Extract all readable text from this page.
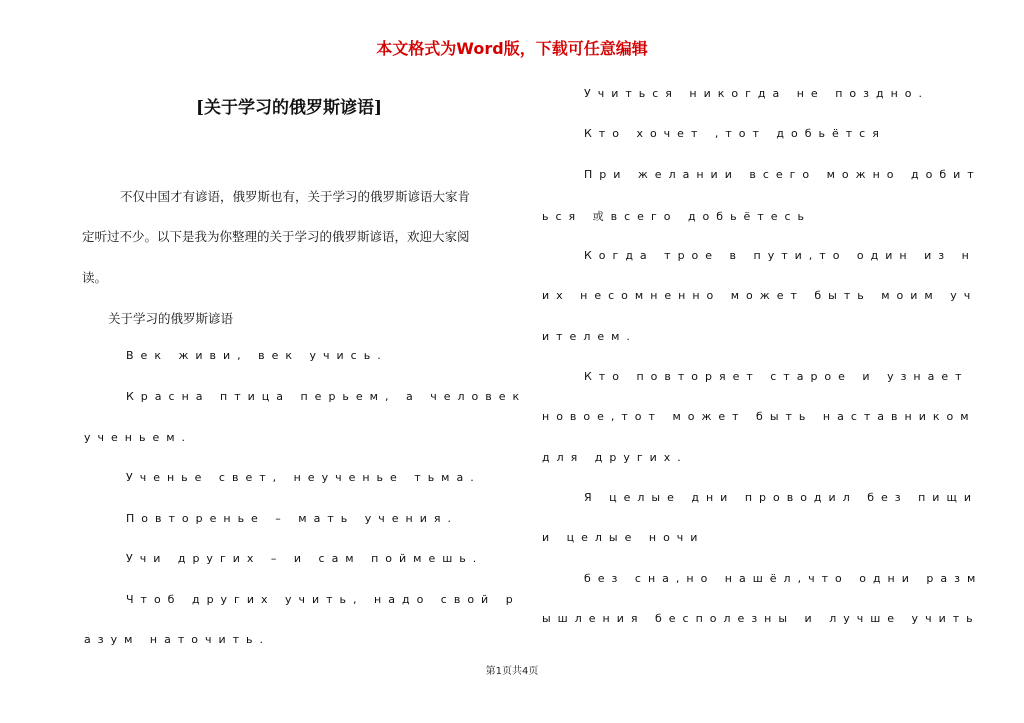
本文格式为Word版，下载可任意编辑
[关于学习的俄罗斯谚语]
不仅中国才有谚语，俄罗斯也有，关于学习的俄罗斯谚语大家肯
定听过不少。以下是我为你整理的关于学习的俄罗斯谚语，欢迎大家阅
读。
关于学习的俄罗斯谚语
Век живи, век учись.
Красна птица перьем, а человек
ученьем.
Ученье свет, неученье тьма.
Повторенье – мать учения.
Учи других – и сам поймешь.
Чтоб других учить, надо свой р
азум наточить.
Учиться никогда не поздно.
Кто хочет ,тот добьётся
При желании всего можно добит
ься 或всего добьётесь
Когда трое в пути,то один из н
их несомненно может быть моим уч
ителем.
Кто повторяет старое и узнает
новое,тот может быть наставником
для других.
Я целые дни проводил без пищи
и целые ночи
без сна,но нашёл,что одни разм
ышления бесполезны и лучше учить
第1页共4页
